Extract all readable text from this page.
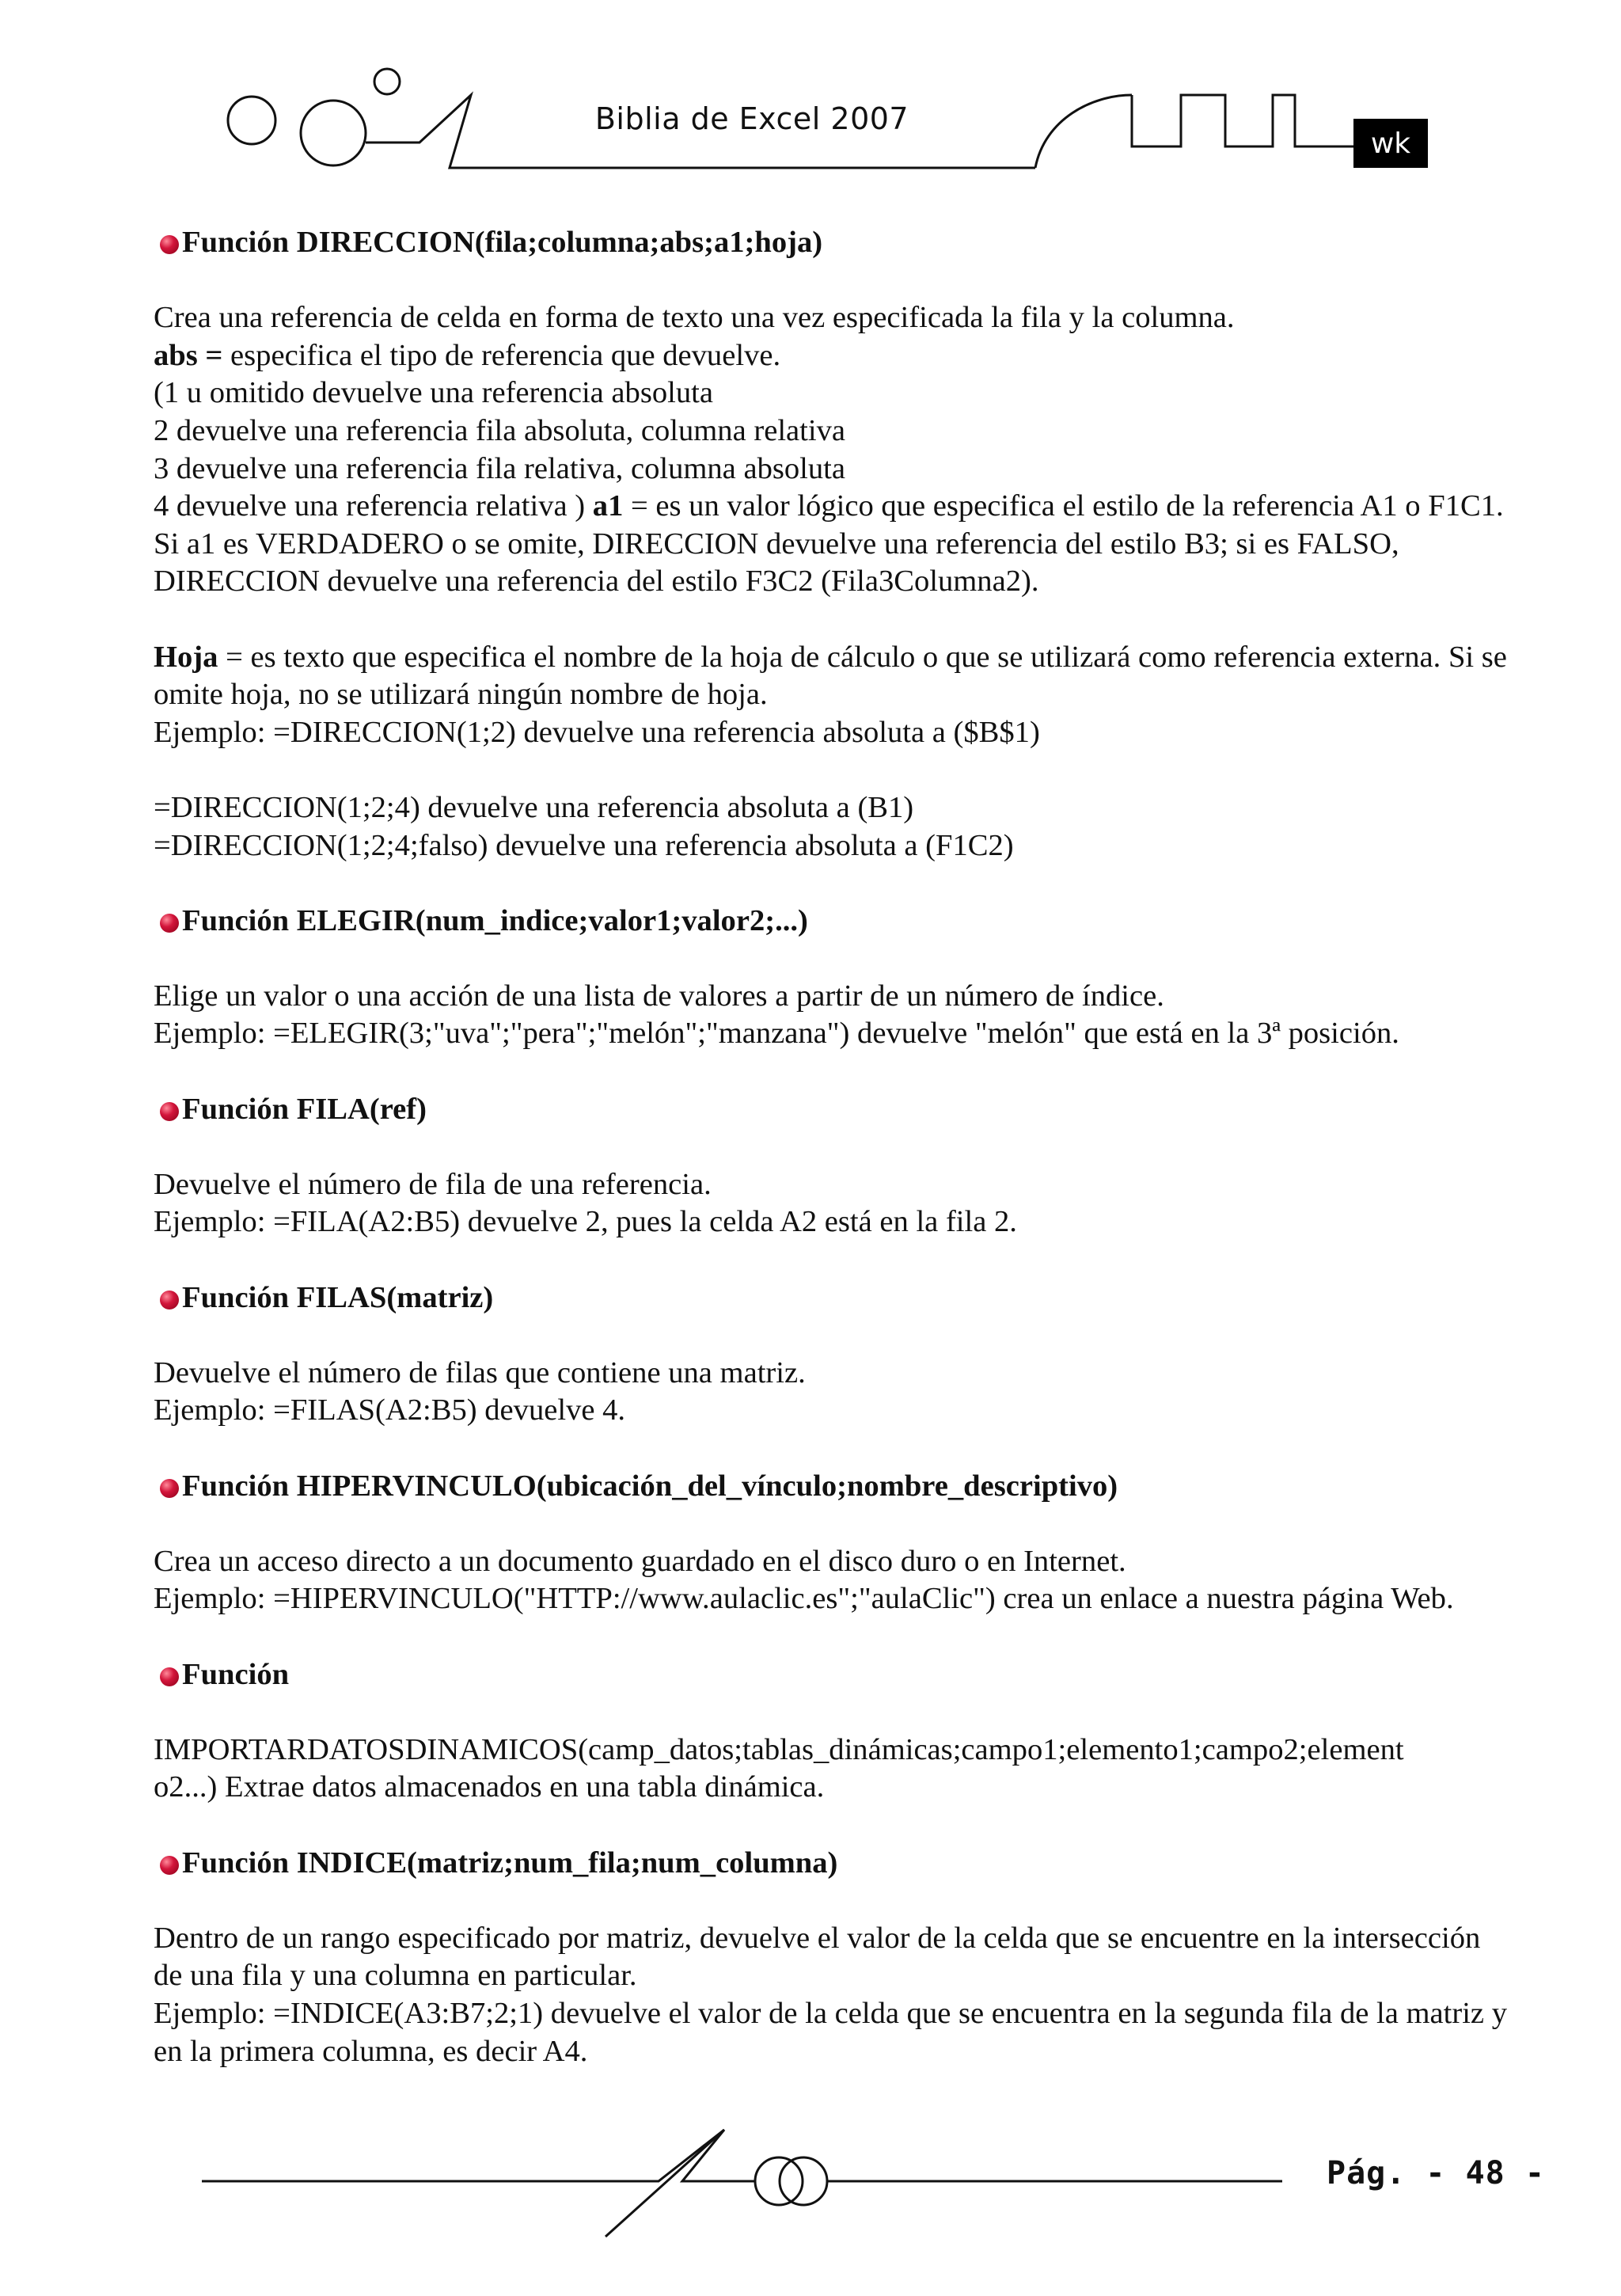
Biblia de Excel 2007
wk

Función DIRECCION(fila;columna;abs;a1;hoja)

Crea una referencia de celda en forma de texto una vez especificada la fila y la columna.

abs = especifica el tipo de referencia que devuelve.

(1 u omitido devuelve una referencia absoluta

2 devuelve una referencia fila absoluta, columna relativa

3 devuelve una referencia fila relativa, columna absoluta

4 devuelve una referencia relativa ) a1 = es un valor lógico que especifica el estilo de la referencia A1 o F1C1. Si a1 es VERDADERO o se omite, DIRECCION devuelve una referencia del estilo B3; si es FALSO, DIRECCION devuelve una referencia del estilo F3C2 (Fila3Columna2).

Hoja = es texto que especifica el nombre de la hoja de cálculo o que se utilizará como referencia externa. Si se omite hoja, no se utilizará ningún nombre de hoja.

Ejemplo: =DIRECCION(1;2) devuelve una referencia absoluta a ($B$1)

=DIRECCION(1;2;4) devuelve una referencia absoluta a (B1)

=DIRECCION(1;2;4;falso) devuelve una referencia absoluta a (F1C2)

Función ELEGIR(num_indice;valor1;valor2;...)

Elige un valor o una acción de una lista de valores a partir de un número de índice.

Ejemplo: =ELEGIR(3;"uva";"pera";"melón";"manzana") devuelve "melón" que está en la 3ª posición.

Función FILA(ref)

Devuelve el número de fila de una referencia.

Ejemplo: =FILA(A2:B5) devuelve 2, pues la celda A2 está en la fila 2.

Función FILAS(matriz)

Devuelve el número de filas que contiene una matriz.

Ejemplo: =FILAS(A2:B5) devuelve 4.

Función HIPERVINCULO(ubicación_del_vínculo;nombre_descriptivo)

Crea un acceso directo a un documento guardado en el disco duro o en Internet.

Ejemplo: =HIPERVINCULO("HTTP://www.aulaclic.es";"aulaClic") crea un enlace a nuestra página Web.

Función

IMPORTARDATOSDINAMICOS(camp_datos;tablas_dinámicas;campo1;elemento1;campo2;element

o2...) Extrae datos almacenados en una tabla dinámica.

Función INDICE(matriz;num_fila;num_columna)

Dentro de un rango especificado por matriz, devuelve el valor de la celda que se encuentre en la intersección de una fila y una columna en particular.

Ejemplo: =INDICE(A3:B7;2;1) devuelve el valor de la celda que se encuentra en la segunda fila de la matriz y en la primera columna, es decir A4.

Pág. - 48 -
